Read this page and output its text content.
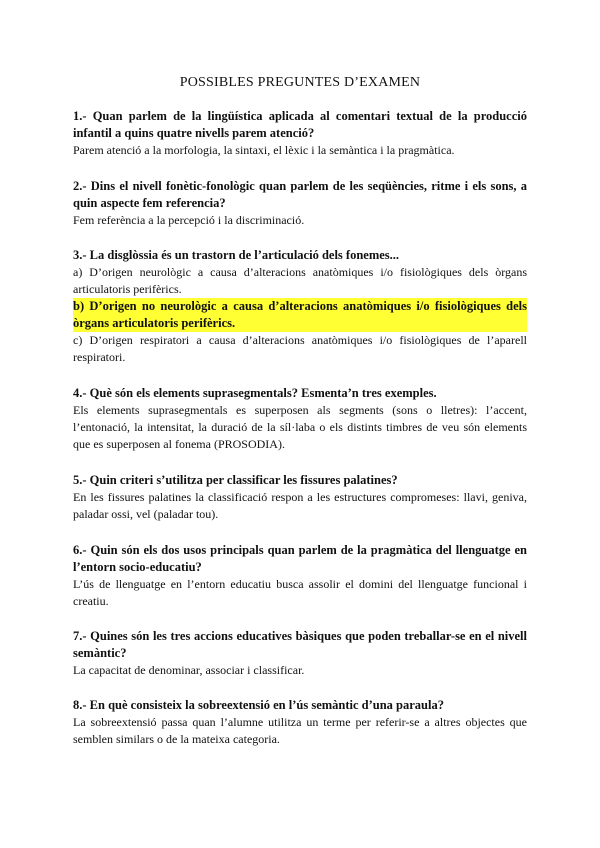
POSSIBLES PREGUNTES D’EXAMEN

1.- Quan parlem de la lingüística aplicada al comentari textual de la producció infantil a quins quatre nivells parem atenció?

Parem atenció a la morfologia, la sintaxi, el lèxic i la semàntica i la pragmàtica.

2.- Dins el nivell fonètic-fonològic quan parlem de les seqüències, ritme i els sons, a quin aspecte fem referencia?

Fem referència a la percepció i la discriminació.

3.- La disglòssia és un trastorn de l’articulació dels fonemes...

a) D’origen neurològic a causa d’alteracions anatòmiques i/o fisiològiques dels òrgans articulatoris perifèrics.

b) D’origen no neurològic a causa d’alteracions anatòmiques i/o fisiològiques dels òrgans articulatoris perifèrics.

c) D’origen respiratori a causa d’alteracions anatòmiques i/o fisiològiques de l’aparell respiratori.

4.- Què són els elements suprasegmentals? Esmenta’n tres exemples.

Els elements suprasegmentals es superposen als segments (sons o lletres): l’accent, l’entonació, la intensitat, la duració de la síl·laba o els distints timbres de veu són elements que es superposen al fonema (PROSODIA).

5.- Quin criteri s’utilitza per classificar les fissures palatines?

En les fissures palatines la classificació respon a les estructures compromeses: llavi, geniva, paladar ossi, vel (paladar tou).

6.- Quin són els dos usos principals quan parlem de la pragmàtica del llenguatge en l’entorn socio-educatiu?

L’ús de llenguatge en l’entorn educatiu busca assolir el domini del llenguatge funcional i creatiu.

7.- Quines són les tres accions educatives bàsiques que poden treballar-se en el nivell semàntic?

La capacitat de denominar, associar i classificar.

8.- En què consisteix la sobreextensió en l’ús semàntic d’una paraula?

La sobreextensió passa quan l’alumne utilitza un terme per referir-se a altres objectes que semblen similars o de la mateixa categoria.
